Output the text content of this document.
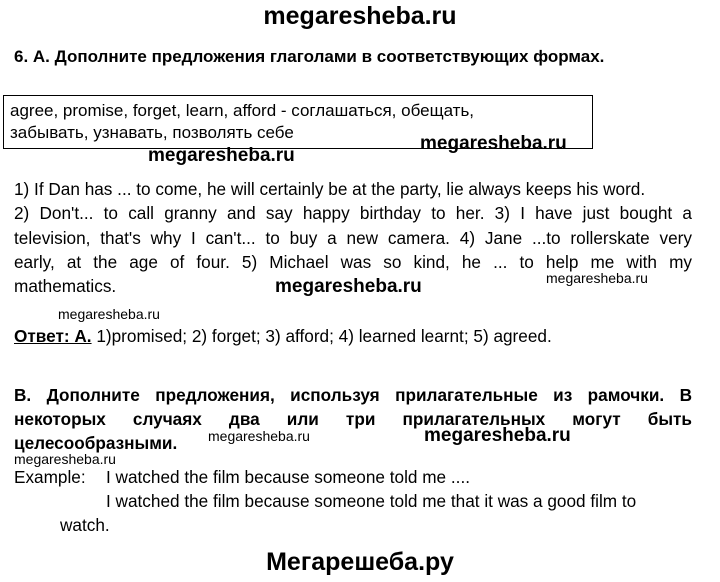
megaresheba.ru
6. А. Дополните предложения глаголами в соответствующих формах.
agree, promise, forget, learn, afford - соглашаться, обещать,
забывать, узнавать, позволять себе
megaresheba.ru
megaresheba.ru
1) If Dan has ... to come, he will certainly be at the party, lie always keeps his word.
2) Don't... to call granny and say happy birthday to her. 3) I have just bought a
television, that's why I can't... to buy a new camera. 4) Jane ...to rollerskate very
early, at the age of four. 5) Michael was so kind, he ... to help me with my
mathematics.	megaresheba.ru
megaresheba.ru
megaresheba.ru
Ответ: А. 1)promised; 2) forget; 3) afford; 4) learned learnt; 5) agreed.
В. Дополните предложения, используя прилагательные из рамочки. В
некоторых случаях два или три прилагательных могут быть
целесообразными. megaresheba.ru	megaresheba.ru
megaresheba.ru
Example: I watched the film because someone told me ....
I watched the film because someone told me that it was a good film to
watch.
Мегарешеба.ру
